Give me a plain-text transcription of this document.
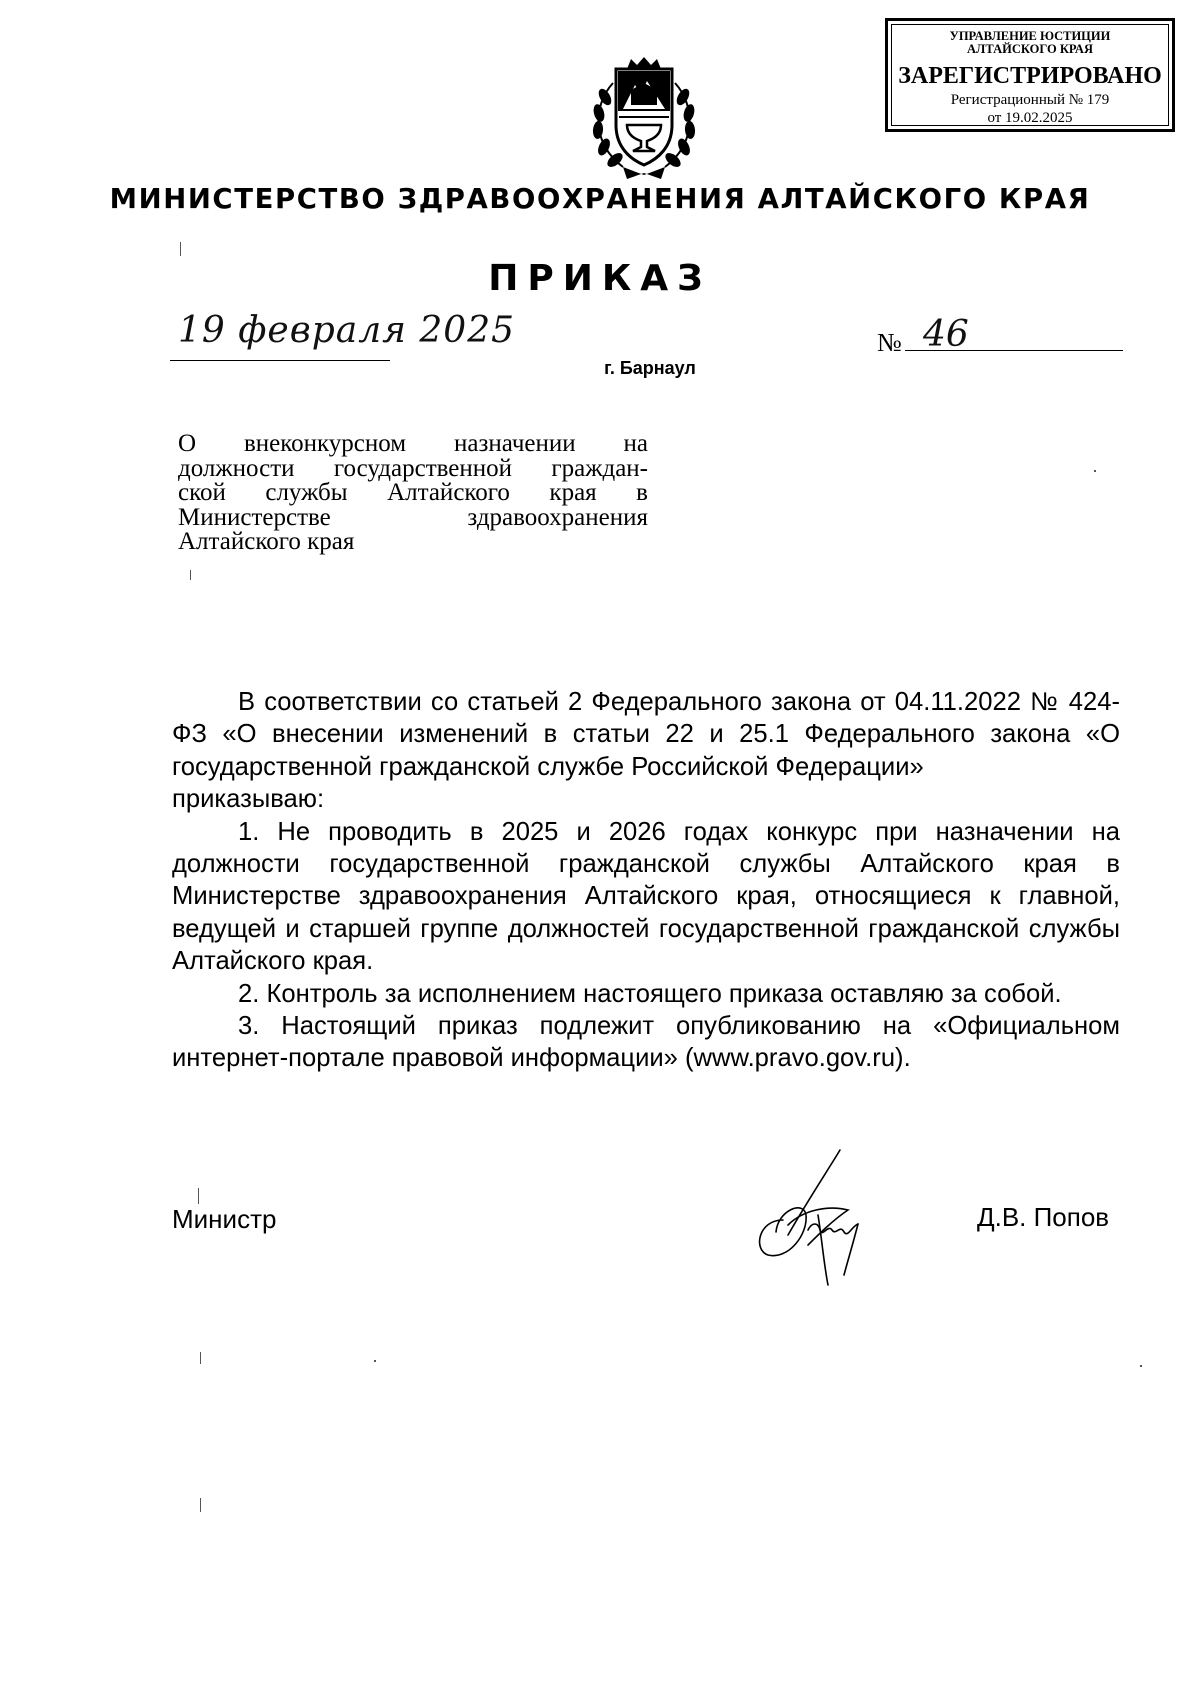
УПРАВЛЕНИЕ ЮСТИЦИИ
АЛТАЙСКОГО КРАЯ
ЗАРЕГИСТРИРОВАНО
Регистрационный № 179
от 19.02.2025
МИНИСТЕРСТВО ЗДРАВООХРАНЕНИЯ АЛТАЙСКОГО КРАЯ
ПРИКАЗ
19 февраля 2025	№ 46
г. Барнаул
О внеконкурсном назначении на
должности государственной граждан-
ской службы Алтайского края в
Министерстве здравоохранения
Алтайского края

В соответствии со статьей 2 Федерального закона от 04.11.2022 № 424-ФЗ «О внесении изменений в статьи 22 и 25.1 Федерального закона «О государственной гражданской службе Российской Федерации»

приказываю:

1. Не проводить в 2025 и 2026 годах конкурс при назначении на должности государственной гражданской службы Алтайского края в Министерстве здравоохранения Алтайского края, относящиеся к главной, ведущей и старшей группе должностей государственной гражданской службы Алтайского края.

2. Контроль за исполнением настоящего приказа оставляю за собой.

3. Настоящий приказ подлежит опубликованию на «Официальном интернет-портале правовой информации» (www.pravo.gov.ru).

Министр	Д.В. Попов
